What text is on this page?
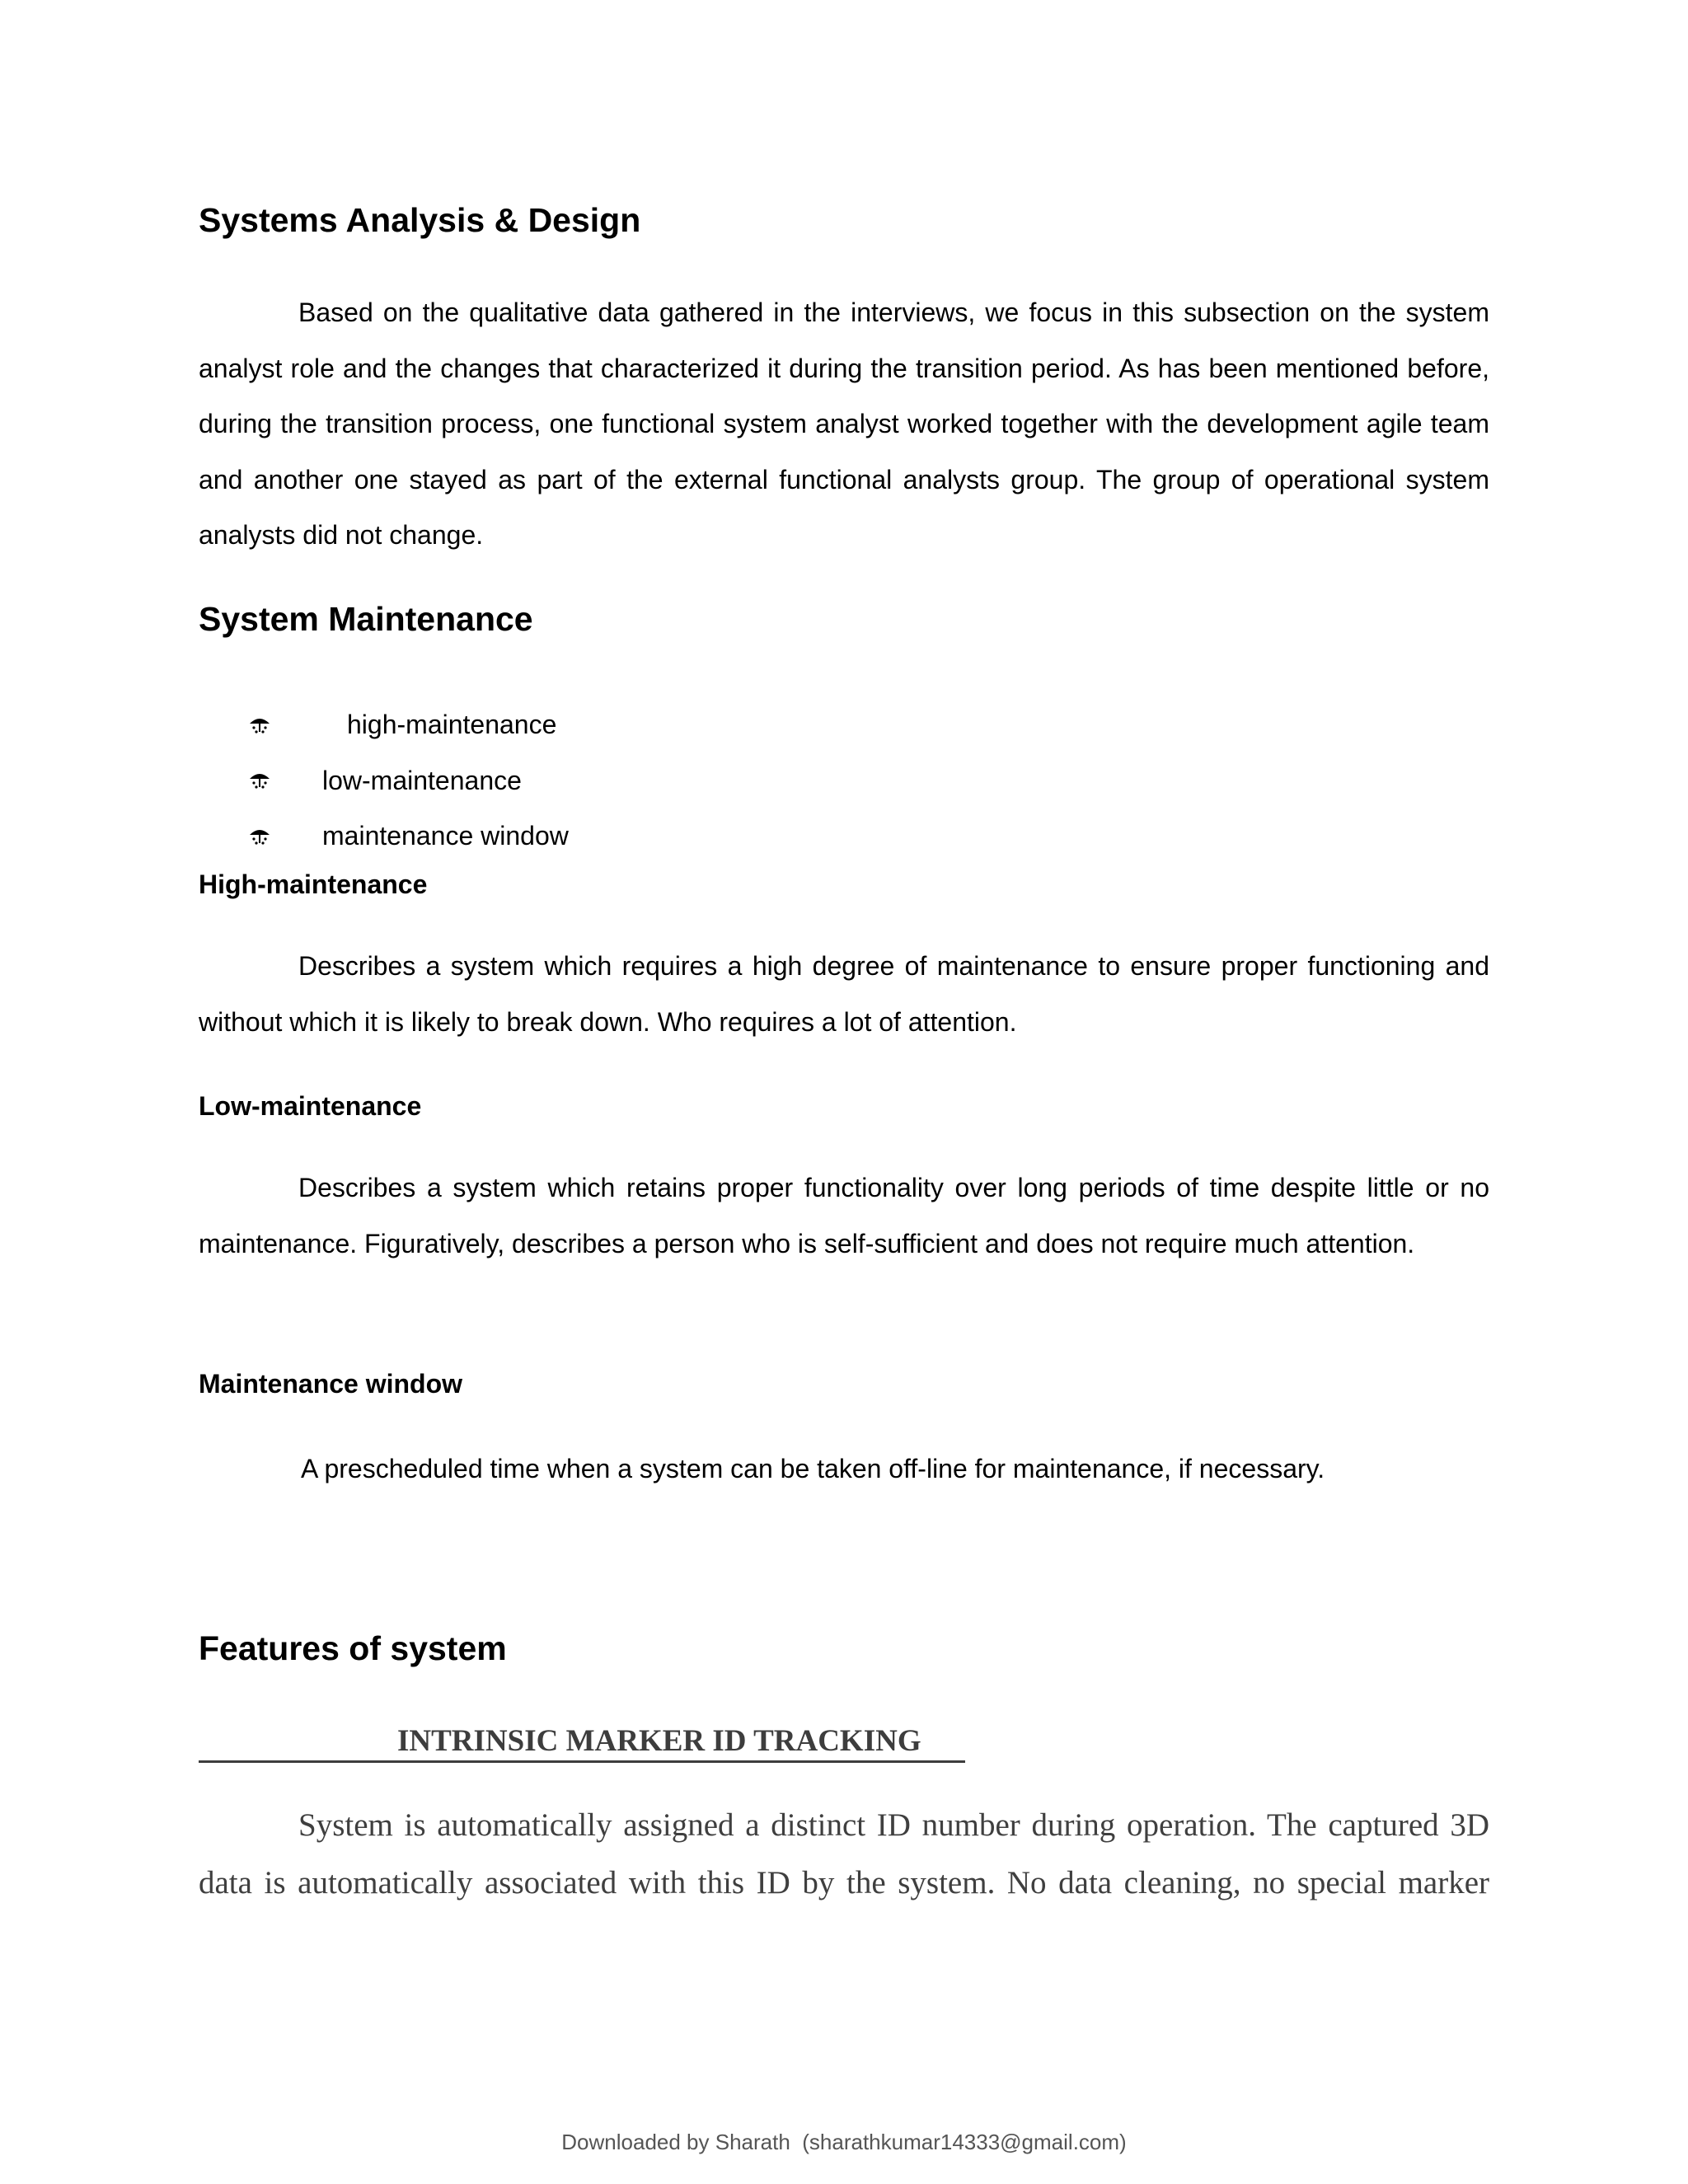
Systems Analysis & Design

Based on the qualitative data gathered in the interviews, we focus in this subsection on the system analyst role and the changes that characterized it during the transition period. As has been mentioned before, during the transition process, one functional system analyst worked together with the development agile team and another one stayed as part of the external functional analysts group. The group of operational system analysts did not change.

System Maintenance
high-maintenance
low-maintenance
maintenance window
High-maintenance

Describes a system which requires a high degree of maintenance to ensure proper functioning and without which it is likely to break down. Who requires a lot of attention.

Low-maintenance

Describes a system which retains proper functionality over long periods of time despite little or no maintenance. Figuratively, describes a person who is self-sufficient and does not require much attention.

Maintenance window

A prescheduled time when a system can be taken off-line for maintenance, if necessary.

Features of system
INTRINSIC MARKER ID TRACKING

System is automatically assigned a distinct ID number during operation. The captured 3D data is automatically associated with this ID by the system. No data cleaning, no special marker

Downloaded by Sharath  (sharathkumar14333@gmail.com)
